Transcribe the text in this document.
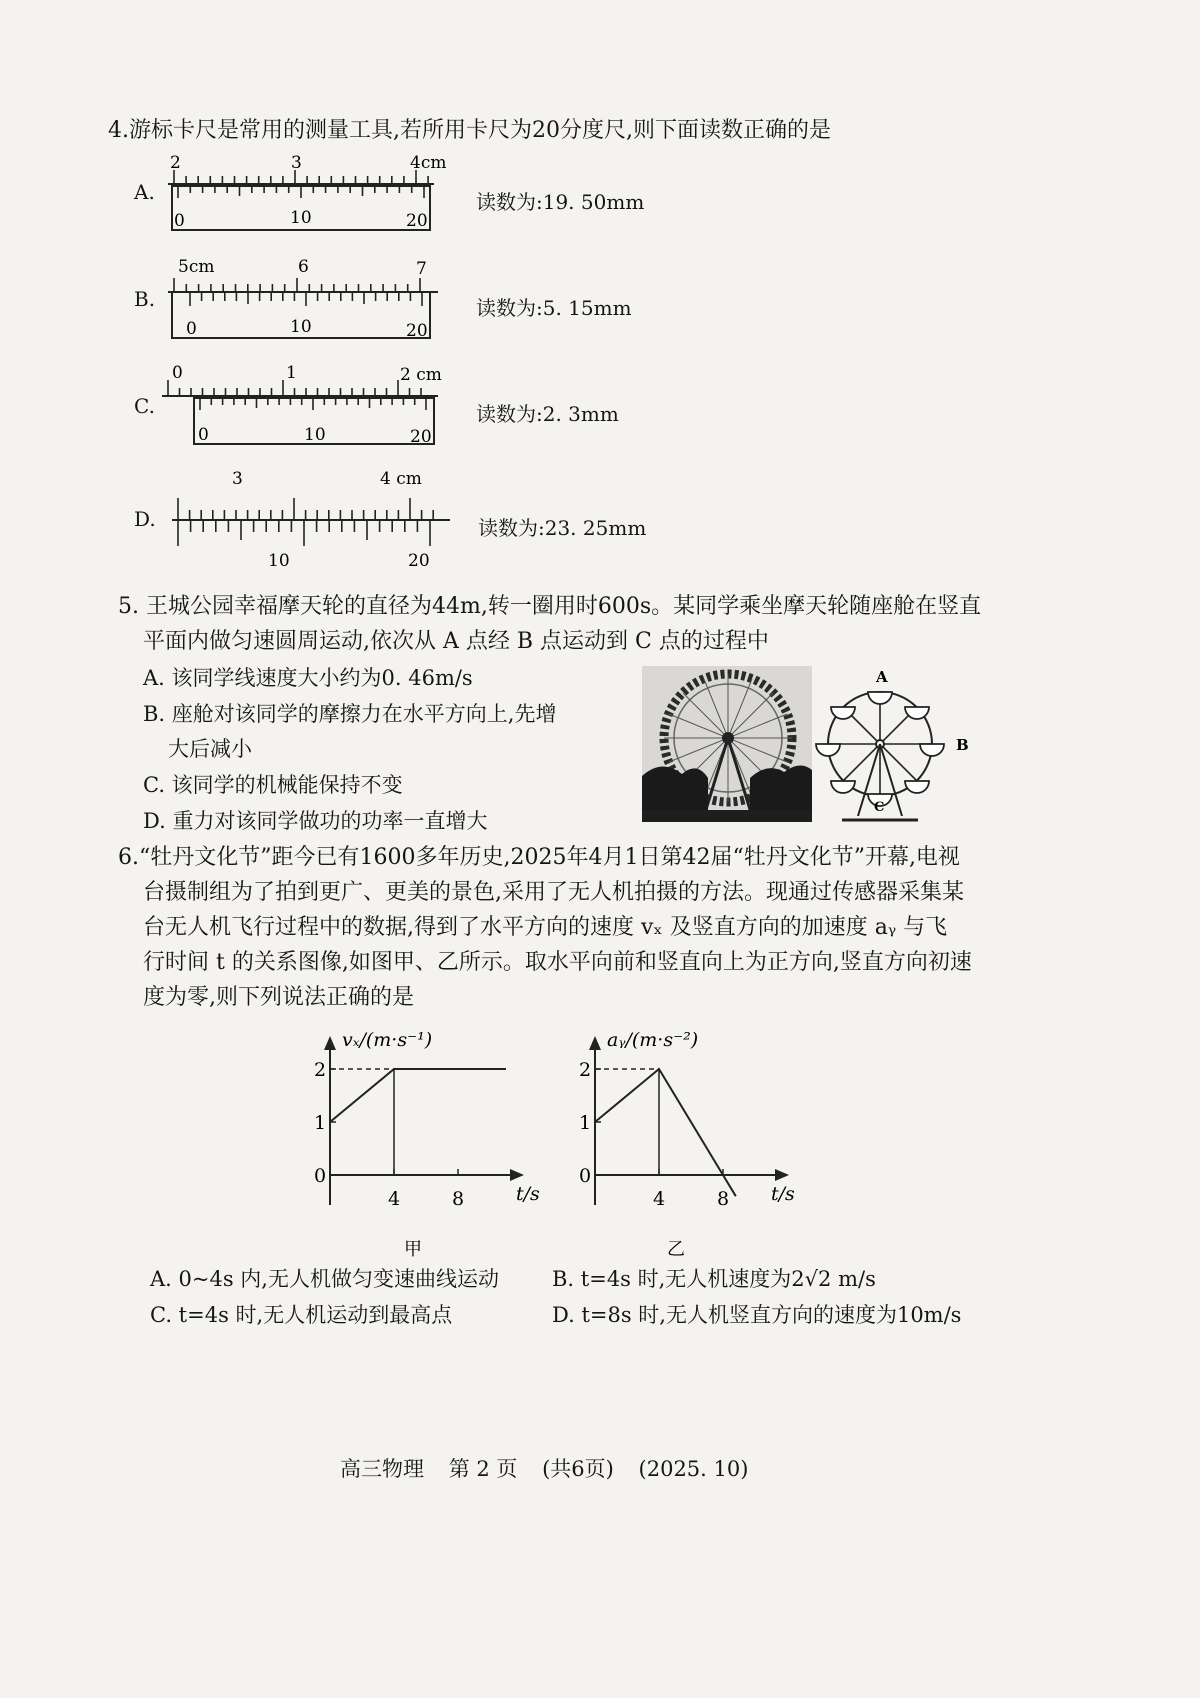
4.游标卡尺是常用的测量工具,若所用卡尺为20分度尺,则下面读数正确的是
A.
2	3	4cm
0	10	20
读数为:19. 50mm
B.
5cm	6	7
0	10	20
读数为:5. 15mm
C.
0	1	2 cm
0	10	20
读数为:2. 3mm
D.
3	4 cm
10	20
读数为:23. 25mm
5. 王城公园幸福摩天轮的直径为44m,转一圈用时600s。某同学乘坐摩天轮随座舱在竖直
平面内做匀速圆周运动,依次从 A 点经 B 点运动到 C 点的过程中
A. 该同学线速度大小约为0. 46m/s
B. 座舱对该同学的摩擦力在水平方向上,先增
大后减小
C. 该同学的机械能保持不变
D. 重力对该同学做功的功率一直增大
A
B
C
6.“牡丹文化节”距今已有1600多年历史,2025年4月1日第42届“牡丹文化节”开幕,电视
台摄制组为了拍到更广、更美的景色,采用了无人机拍摄的方法。现通过传感器采集某
台无人机飞行过程中的数据,得到了水平方向的速度 vₓ 及竖直方向的加速度 aᵧ 与飞
行时间 t 的关系图像,如图甲、乙所示。取水平向前和竖直向上为正方向,竖直方向初速
度为零,则下列说法正确的是
vₓ/(m·s⁻¹)
t/s
0
1
2
4	8
甲
aᵧ/(m·s⁻²)
t/s
0
1
2
4	8
乙
A. 0~4s 内,无人机做匀变速曲线运动	B. t=4s 时,无人机速度为2√2 m/s
C. t=4s 时,无人机运动到最高点	D. t=8s 时,无人机竖直方向的速度为10m/s
高三物理 第 2 页 (共6页) (2025. 10)
